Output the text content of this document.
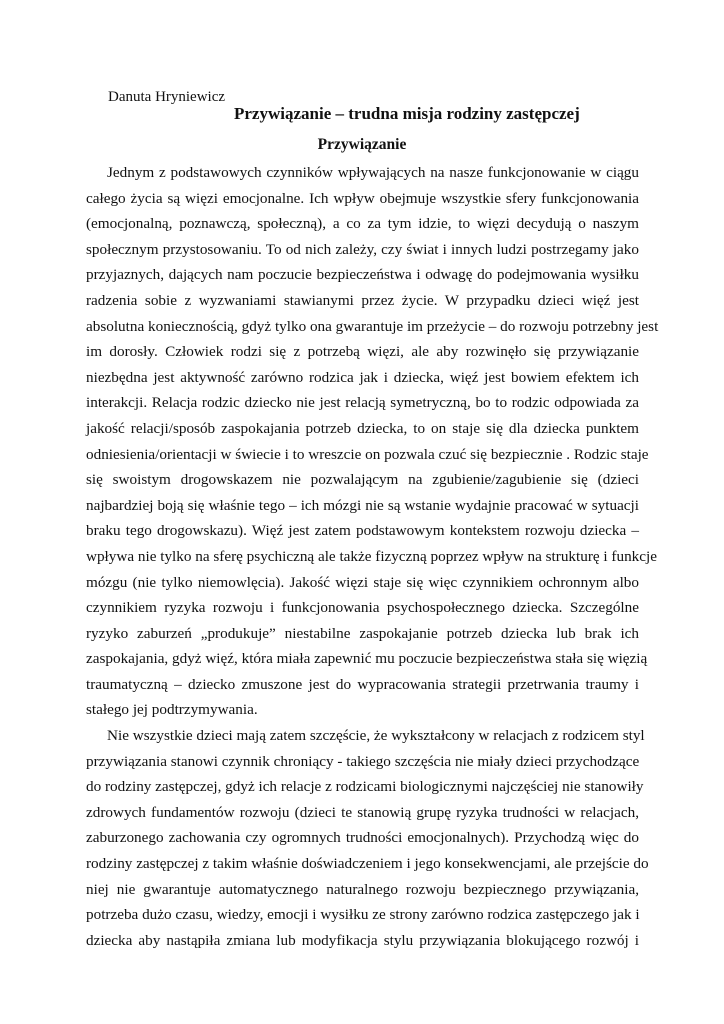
Danuta Hryniewicz
Przywiązanie – trudna misja rodziny zastępczej
Przywiązanie
Jednym z podstawowych czynników wpływających na nasze funkcjonowanie w ciągu
całego życia są więzi emocjonalne. Ich wpływ obejmuje wszystkie sfery funkcjonowania
(emocjonalną, poznawczą, społeczną), a co za tym idzie, to więzi decydują o naszym
społecznym przystosowaniu. To od nich zależy, czy świat i innych ludzi postrzegamy jako
przyjaznych, dających nam poczucie bezpieczeństwa i odwagę do podejmowania wysiłku
radzenia sobie z wyzwaniami stawianymi przez życie. W przypadku dzieci więź jest
absolutna koniecznością, gdyż tylko ona gwarantuje im przeżycie – do rozwoju potrzebny jest
im dorosły. Człowiek rodzi się z potrzebą więzi, ale aby rozwinęło się przywiązanie
niezbędna jest aktywność zarówno rodzica jak i dziecka, więź jest bowiem efektem ich
interakcji. Relacja rodzic dziecko nie jest relacją symetryczną, bo to rodzic odpowiada za
jakość relacji/sposób zaspokajania potrzeb dziecka, to on staje się dla dziecka punktem
odniesienia/orientacji w świecie i to wreszcie on pozwala czuć się bezpiecznie . Rodzic staje
się swoistym drogowskazem nie pozwalającym na zgubienie/zagubienie się (dzieci
najbardziej boją się właśnie tego – ich mózgi nie są wstanie wydajnie pracować w sytuacji
braku tego drogowskazu). Więź jest zatem podstawowym kontekstem rozwoju dziecka –
wpływa nie tylko na sferę psychiczną ale także fizyczną poprzez wpływ na strukturę i funkcje
mózgu (nie tylko niemowlęcia). Jakość więzi staje się więc czynnikiem ochronnym albo
czynnikiem ryzyka rozwoju i funkcjonowania psychospołecznego dziecka. Szczególne
ryzyko zaburzeń „produkuje” niestabilne zaspokajanie potrzeb dziecka lub brak ich
zaspokajania, gdyż więź, która miała zapewnić mu poczucie bezpieczeństwa stała się więzią
traumatyczną – dziecko zmuszone jest do wypracowania strategii przetrwania traumy i
stałego jej podtrzymywania.
Nie wszystkie dzieci mają zatem szczęście, że wykształcony w relacjach z rodzicem styl
przywiązania stanowi czynnik chroniący - takiego szczęścia nie miały dzieci przychodzące
do rodziny zastępczej, gdyż ich relacje z rodzicami biologicznymi najczęściej nie stanowiły
zdrowych fundamentów rozwoju (dzieci te stanowią grupę ryzyka trudności w relacjach,
zaburzonego zachowania czy ogromnych trudności emocjonalnych). Przychodzą więc do
rodziny zastępczej z takim właśnie doświadczeniem i jego konsekwencjami, ale przejście do
niej nie gwarantuje automatycznego naturalnego rozwoju bezpiecznego przywiązania,
potrzeba dużo czasu, wiedzy, emocji i wysiłku ze strony zarówno rodzica zastępczego jak i
dziecka aby nastąpiła zmiana lub modyfikacja stylu przywiązania blokującego rozwój i
